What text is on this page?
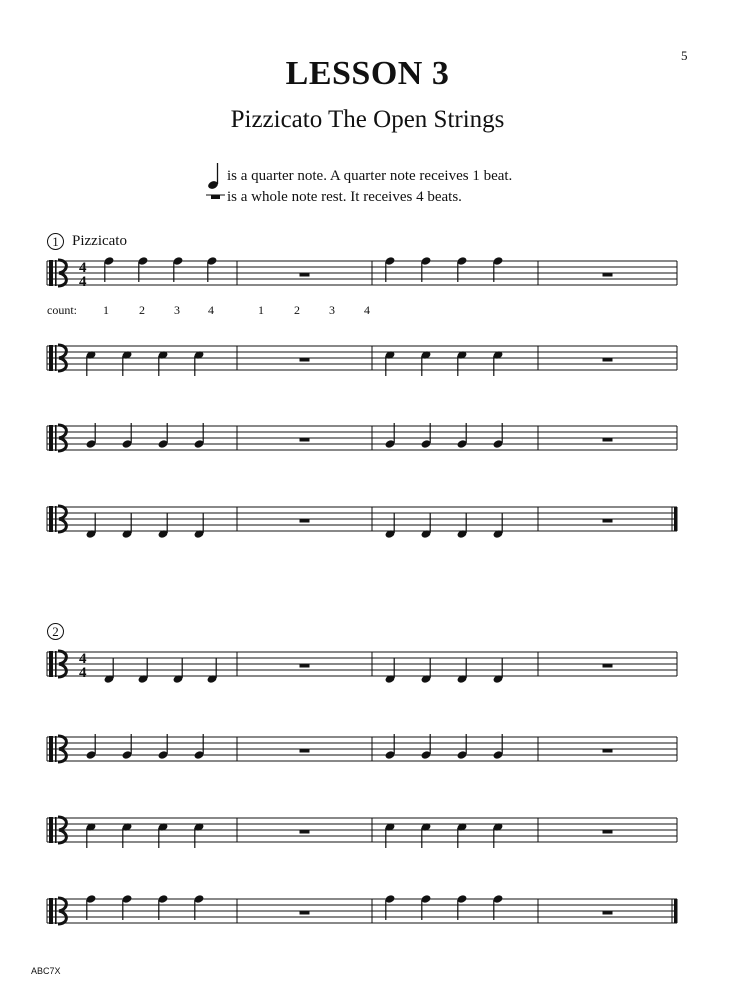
5
LESSON 3
Pizzicato The Open Strings
is a quarter note. A quarter note receives 1 beat.
is a whole note rest. It receives 4 beats.
1 Pizzicato
2
count: 1	2 3 4	1	2 3 4
4
4
4
4
ABC7X
